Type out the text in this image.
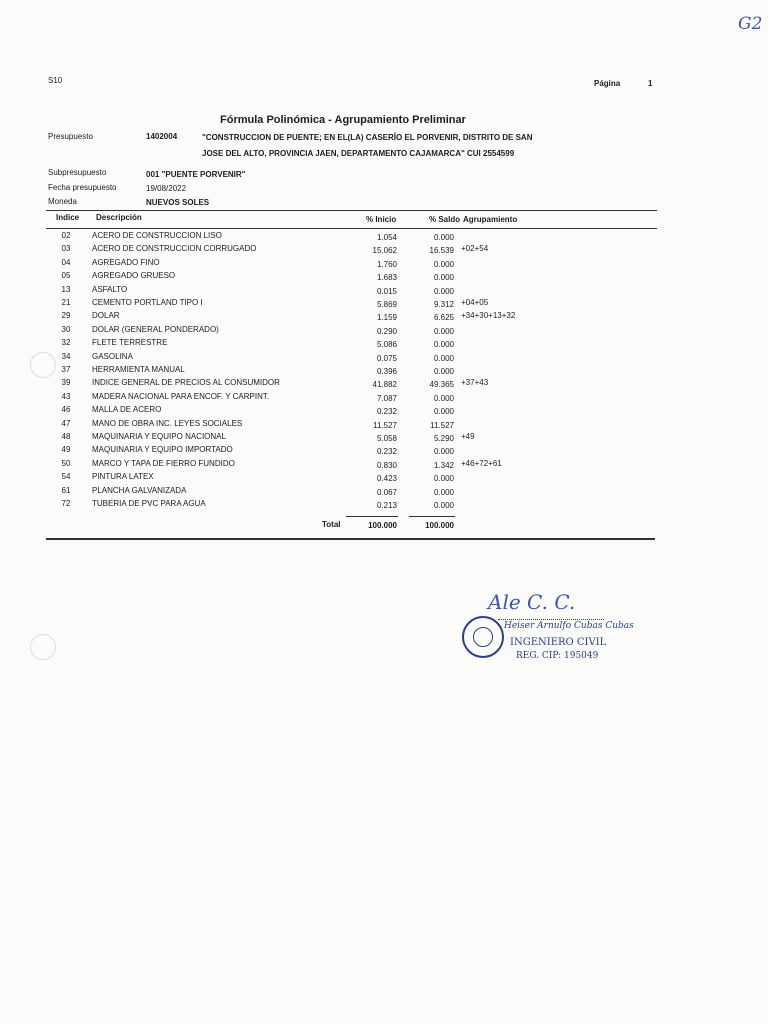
G2
S10	Página	1
Fórmula Polinómica - Agrupamiento Preliminar
Presupuesto	1402004	"CONSTRUCCION DE PUENTE; EN EL(LA) CASERÍO EL PORVENIR, DISTRITO DE SAN
JOSE DEL ALTO, PROVINCIA JAEN, DEPARTAMENTO CAJAMARCA" CUI 2554599
Subpresupuesto	001 "PUENTE PORVENIR"
Fecha presupuesto	19/08/2022
Moneda	NUEVOS SOLES
Indice Descripción	% Inicio	% Saldo Agrupamiento
02	ACERO DE CONSTRUCCION LISO	1.054	0.000
03	ACERO DE CONSTRUCCION CORRUGADO	15.062	16.539 +02+54
04	AGREGADO FINO	1.760	0.000
05	AGREGADO GRUESO	1.683	0.000
13	ASFALTO	0.015	0.000
21	CEMENTO PORTLAND TIPO I	5.869	9.312 +04+05
29	DOLAR	1.159	6.625 +34+30+13+32
30	DOLAR (GENERAL PONDERADO)	0.290	0.000
32	FLETE TERRESTRE	5.086	0.000
34	GASOLINA	0.075	0.000
37	HERRAMIENTA MANUAL	0.396	0.000
39	INDICE GENERAL DE PRECIOS AL CONSUMIDOR	41.882	49.365 +37+43
43	MADERA NACIONAL PARA ENCOF. Y CARPINT.	7.087	0.000
46	MALLA DE ACERO	0.232	0.000
47	MANO DE OBRA INC. LEYES SOCIALES	11.527	11.527
48	MAQUINARIA Y EQUIPO NACIONAL	5.058	5.290 +49
49	MAQUINARIA Y EQUIPO IMPORTADO	0.232	0.000
50	MARCO Y TAPA DE FIERRO FUNDIDO	0.830	1.342 +46+72+61
54	PINTURA LATEX	0.423	0.000
61	PLANCHA GALVANIZADA	0.067	0.000
72	TUBERIA DE PVC PARA AGUA	0.213	0.000
Total	100.000	100.000
Ale C. C.
Heiser Arnulfo Cubas Cubas
INGENIERO CIVIL
REG. CIP: 195049
